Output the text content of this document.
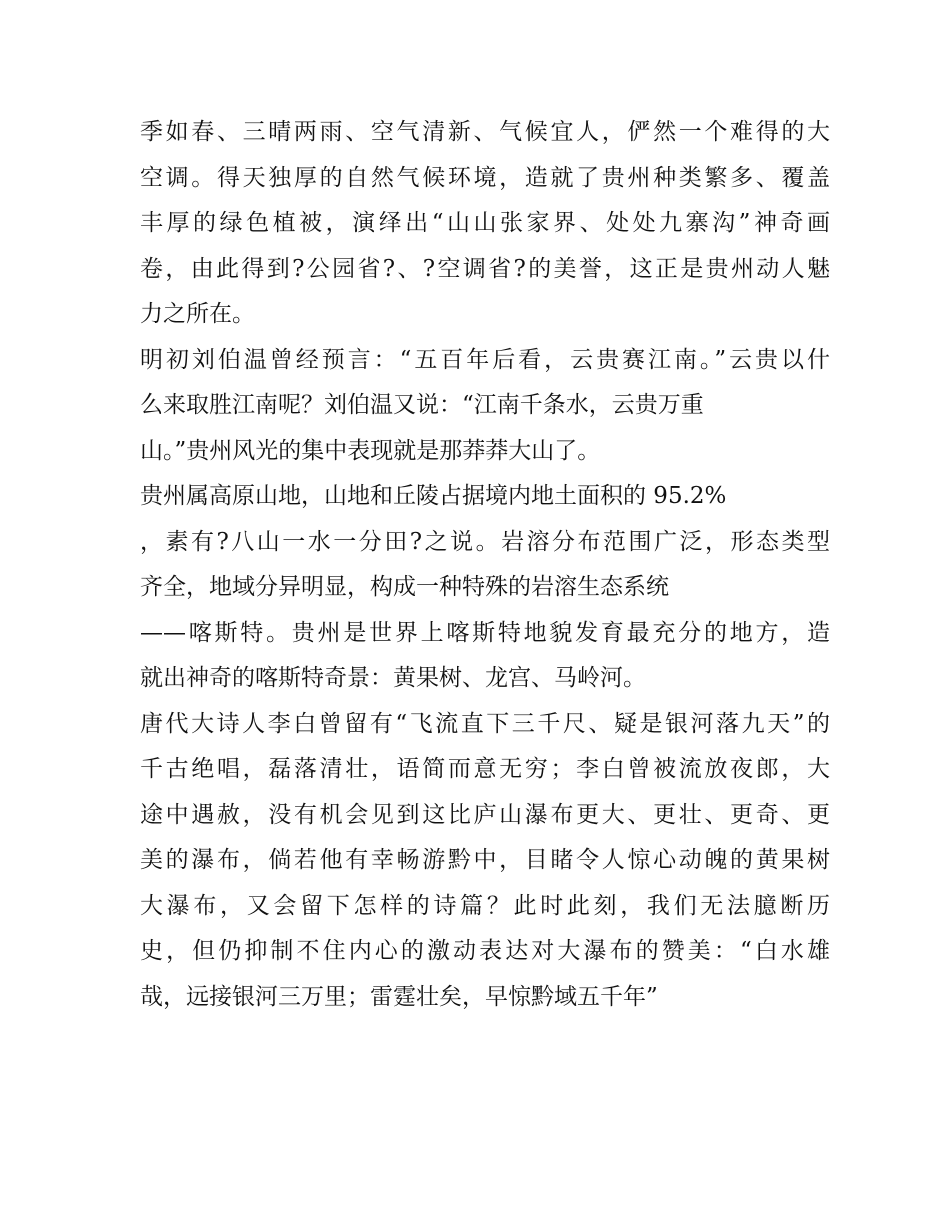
季如春、三晴两雨、空气清新、气候宜人，俨然一个难得的大
空调。得天独厚的自然气候环境，造就了贵州种类繁多、覆盖
丰厚的绿色植被，演绎出“山山张家界、处处九寨沟”神奇画
卷，由此得到?公园省?、?空调省?的美誉，这正是贵州动人魅
力之所在。
明初刘伯温曾经预言：“五百年后看，云贵赛江南。”云贵以什
么来取胜江南呢？刘伯温又说：“江南千条水，云贵万重
山。”贵州风光的集中表现就是那莽莽大山了。
贵州属高原山地，山地和丘陵占据境内地土面积的 95.2%
，素有?八山一水一分田?之说。岩溶分布范围广泛，形态类型
齐全，地域分异明显，构成一种特殊的岩溶生态系统
——喀斯特。贵州是世界上喀斯特地貌发育最充分的地方，造
就出神奇的喀斯特奇景：黄果树、龙宫、马岭河。
唐代大诗人李白曾留有“飞流直下三千尺、疑是银河落九天”的
千古绝唱，磊落清壮，语简而意无穷；李白曾被流放夜郎，大
途中遇赦，没有机会见到这比庐山瀑布更大、更壮、更奇、更
美的瀑布，倘若他有幸畅游黔中，目睹令人惊心动魄的黄果树
大瀑布，又会留下怎样的诗篇？此时此刻，我们无法臆断历
史，但仍抑制不住内心的激动表达对大瀑布的赞美：“白水雄
哉，远接银河三万里；雷霆壮矣，早惊黔域五千年”
